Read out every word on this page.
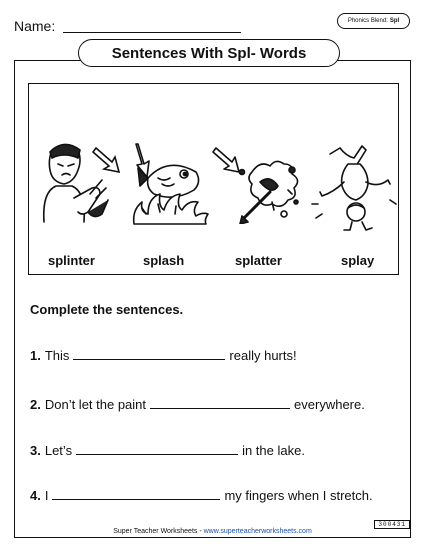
Name:	Phonics Blend: Spl
Sentences With Spl- Words
splinter	splash	splatter	splay
Complete the sentences.
1. This	really hurts!
2. Don’t let the paint	everywhere.
3. Let’s	in the lake.
4. I	my fingers when I stretch.
Super Teacher Worksheets - www.superteacherworksheets.com
300431
